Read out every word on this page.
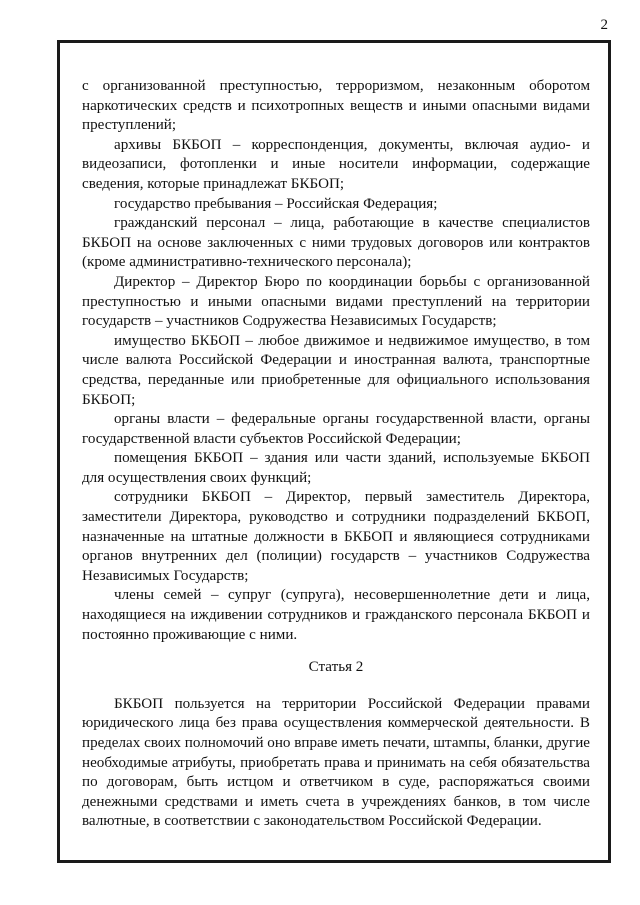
2

с организованной преступностью, терроризмом, незаконным оборотом наркотических средств и психотропных веществ и иными опасными видами преступлений;

архивы БКБОП – корреспонденция, документы, включая аудио- и видеозаписи, фотопленки и иные носители информации, содержащие сведения, которые принадлежат БКБОП;

государство пребывания – Российская Федерация;

гражданский персонал – лица, работающие в качестве специалистов БКБОП на основе заключенных с ними трудовых договоров или контрактов (кроме административно-технического персонала);

Директор – Директор Бюро по координации борьбы с организованной преступностью и иными опасными видами преступлений на территории государств – участников Содружества Независимых Государств;

имущество БКБОП – любое движимое и недвижимое имущество, в том числе валюта Российской Федерации и иностранная валюта, транспортные средства, переданные или приобретенные для официального использования БКБОП;

органы власти – федеральные органы государственной власти, органы государственной власти субъектов Российской Федерации;

помещения БКБОП – здания или части зданий, используемые БКБОП для осуществления своих функций;

сотрудники БКБОП – Директор, первый заместитель Директора, заместители Директора, руководство и сотрудники подразделений БКБОП, назначенные на штатные должности в БКБОП и являющиеся сотрудниками органов внутренних дел (полиции) государств – участников Содружества Независимых Государств;

члены семей – супруг (супруга), несовершеннолетние дети и лица, находящиеся на иждивении сотрудников и гражданского персонала БКБОП и постоянно проживающие с ними.

Статья 2

БКБОП пользуется на территории Российской Федерации правами юридического лица без права осуществления коммерческой деятельности. В пределах своих полномочий оно вправе иметь печати, штампы, бланки, другие необходимые атрибуты, приобретать права и принимать на себя обязательства по договорам, быть истцом и ответчиком в суде, распоряжаться своими денежными средствами и иметь счета в учреждениях банков, в том числе валютные, в соответствии с законодательством Российской Федерации.
